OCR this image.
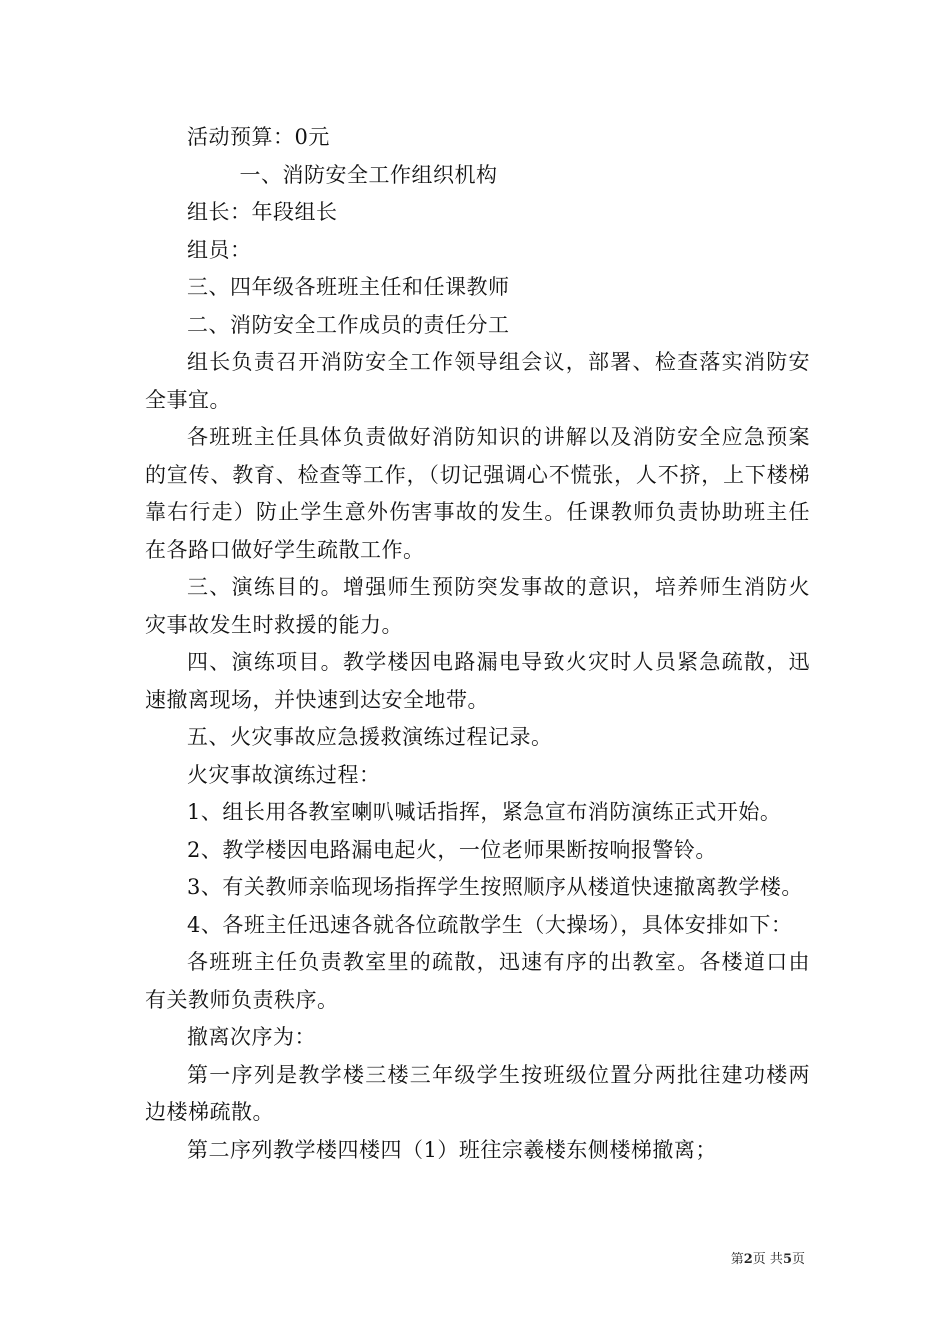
活动预算：0元

一、消防安全工作组织机构

组长：年段组长

组员：

三、四年级各班班主任和任课教师

二、消防安全工作成员的责任分工

组长负责召开消防安全工作领导组会议，部署、检查落实消防安全事宜。

各班班主任具体负责做好消防知识的讲解以及消防安全应急预案的宣传、教育、检查等工作，（切记强调心不慌张，人不挤，上下楼梯靠右行走）防止学生意外伤害事故的发生。任课教师负责协助班主任在各路口做好学生疏散工作。

三、演练目的。增强师生预防突发事故的意识，培养师生消防火灾事故发生时救援的能力。

四、演练项目。教学楼因电路漏电导致火灾时人员紧急疏散，迅速撤离现场，并快速到达安全地带。

五、火灾事故应急援救演练过程记录。

火灾事故演练过程：

1、组长用各教室喇叭喊话指挥，紧急宣布消防演练正式开始。

2、教学楼因电路漏电起火，一位老师果断按响报警铃。

3、有关教师亲临现场指挥学生按照顺序从楼道快速撤离教学楼。

4、各班主任迅速各就各位疏散学生（大操场），具体安排如下：

各班班主任负责教室里的疏散，迅速有序的出教室。各楼道口由有关教师负责秩序。

撤离次序为：

第一序列是教学楼三楼三年级学生按班级位置分两批往建功楼两边楼梯疏散。

第二序列教学楼四楼四（1）班往宗羲楼东侧楼梯撤离；

第2页 共5页
